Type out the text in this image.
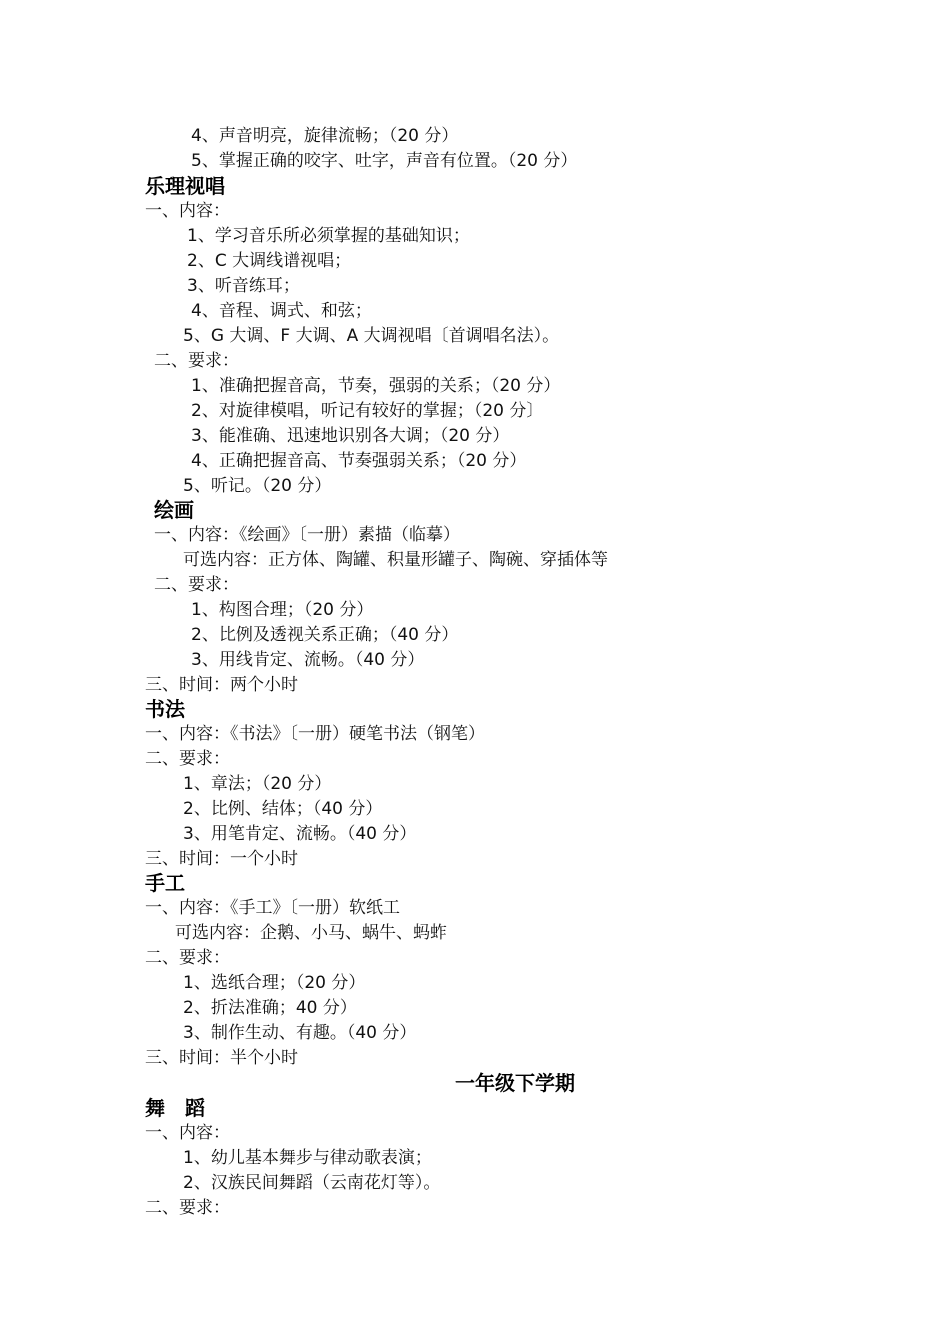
4、声音明亮，旋律流畅；（20 分）
5、掌握正确的咬字、吐字，声音有位置。（20 分）
乐理视唱
一、内容：
1、学习音乐所必须掌握的基础知识；
2、C 大调线谱视唱；
3、听音练耳；
4、音程、调式、和弦；
5、G 大调、F 大调、A 大调视唱〔首调唱名法）。
二、要求：
1、准确把握音高，节奏，强弱的关系；（20 分）
2、对旋律模唱，听记有较好的掌握；（20 分〕
3、能准确、迅速地识别各大调；（20 分）
4、正确把握音高、节奏强弱关系；（20 分）
5、听记。（20 分）
绘画
一、内容：《绘画》〔一册）素描（临摹）
可选内容：正方体、陶罐、积量形罐子、陶碗、穿插体等
二、要求：
1、构图合理；（20 分）
2、比例及透视关系正确；（40 分）
3、用线肯定、流畅。（40 分）
三、时间：两个小时
书法
一、内容：《书法》〔一册）硬笔书法（钢笔）
二、要求：
1、章法；（20 分）
2、比例、结体；（40 分）
3、用笔肯定、流畅。（40 分）
三、时间：一个小时
手工
一、内容：《手工》〔一册）软纸工
可选内容：企鹅、小马、蜗牛、蚂蚱
二、要求：
1、选纸合理；（20 分）
2、折法准确；40 分）
3、制作生动、有趣。（40 分）
三、时间：半个小时
一年级下学期
舞　蹈
一、内容：
1、幼儿基本舞步与律动歌表演；
2、汉族民间舞蹈（云南花灯等）。
二、要求：
